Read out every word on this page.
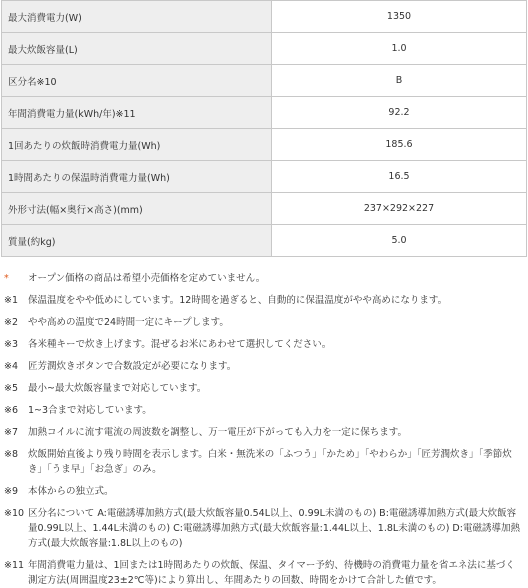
最大消費電力(W)	1350
最大炊飯容量(L)	1.0
区分名※10	B
年間消費電力量(kWh/年)※11	92.2
1回あたりの炊飯時消費電力量(Wh)	185.6
1時間あたりの保温時消費電力量(Wh)	16.5
外形寸法(幅×奥行×高さ)(mm)	237×292×227
質量(約kg)	5.0
*	オープン価格の商品は希望小売価格を定めていません。
※1	保温温度をやや低めにしています。12時間を過ぎると、自動的に保温温度がやや高めになります。
※2	やや高めの温度で24時間一定にキープします。
※3	各米種キーで炊き上げます。混ぜるお米にあわせて選択してください。
※4	匠芳潤炊きボタンで合数設定が必要になります。
※5	最小~最大炊飯容量まで対応しています。
※6	1~3合まで対応しています。
※7	加熱コイルに流す電流の周波数を調整し、万一電圧が下がっても入力を一定に保ちます。
※8	炊飯開始直後より残り時間を表示します。白米・無洗米の「ふつう」「かため」「やわらか」「匠芳潤炊き」「季節炊き」「うま早」「お急ぎ」のみ。
※9	本体からの独立式。
※10 区分名について A:電磁誘導加熱方式(最大炊飯容量0.54L以上、0.99L未満のもの) B:電磁誘導加熱方式(最大炊飯容量0.99L以上、1.44L未満のもの) C:電磁誘導加熱方式(最大炊飯容量:1.44L以上、1.8L未満のもの) D:電磁誘導加熱方式(最大炊飯容量:1.8L以上のもの)
※11 年間消費電力量は、1回または1時間あたりの炊飯、保温、タイマー予約、待機時の消費電力量を省エネ法に基づく測定方法(周囲温度23±2℃等)により算出し、年間あたりの回数、時間をかけて合計した値です。
